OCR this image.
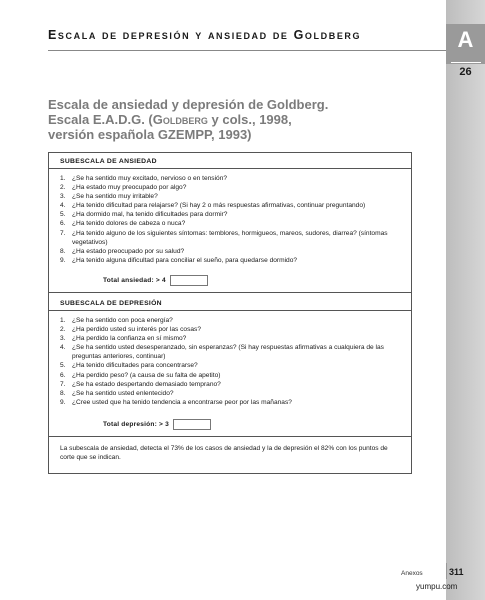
A
26
Escala de depresión y ansiedad de Goldberg
Escala de ansiedad y depresión de Goldberg.
Escala E.A.D.G. (Goldberg y cols., 1998,
versión española GZEMPP, 1993)
SUBESCALA DE ANSIEDAD
1. ¿Se ha sentido muy excitado, nervioso o en tensión?
2. ¿Ha estado muy preocupado por algo?
3. ¿Se ha sentido muy irritable?
4. ¿Ha tenido dificultad para relajarse? (Si hay 2 o más respuestas afirmativas, continuar preguntando)
5. ¿Ha dormido mal, ha tenido dificultades para dormir?
6. ¿Ha tenido dolores de cabeza o nuca?
7. ¿Ha tenido alguno de los siguientes síntomas: temblores, hormigueos, mareos, sudores, diarrea? (síntomas vegetativos)
8. ¿Ha estado preocupado por su salud?
9. ¿Ha tenido alguna dificultad para conciliar el sueño, para quedarse dormido?
Total ansiedad: > 4
SUBESCALA DE DEPRESIÓN
1. ¿Se ha sentido con poca energía?
2. ¿Ha perdido usted su interés por las cosas?
3. ¿Ha perdido la confianza en sí mismo?
4. ¿Se ha sentido usted desesperanzado, sin esperanzas? (Si hay respuestas afirmativas a cualquiera de las preguntas anteriores, continuar)
5. ¿Ha tenido dificultades para concentrarse?
6. ¿Ha perdido peso? (a causa de su falta de apetito)
7. ¿Se ha estado despertando demasiado temprano?
8. ¿Se ha sentido usted enlentecido?
9. ¿Cree usted que ha tenido tendencia a encontrarse peor por las mañanas?
Total depresión: > 3
La subescala de ansiedad, detecta el 73% de los casos de ansiedad y la de depresión el 82% con los puntos de corte que se indican.
Anexos	311
yumpu.com
